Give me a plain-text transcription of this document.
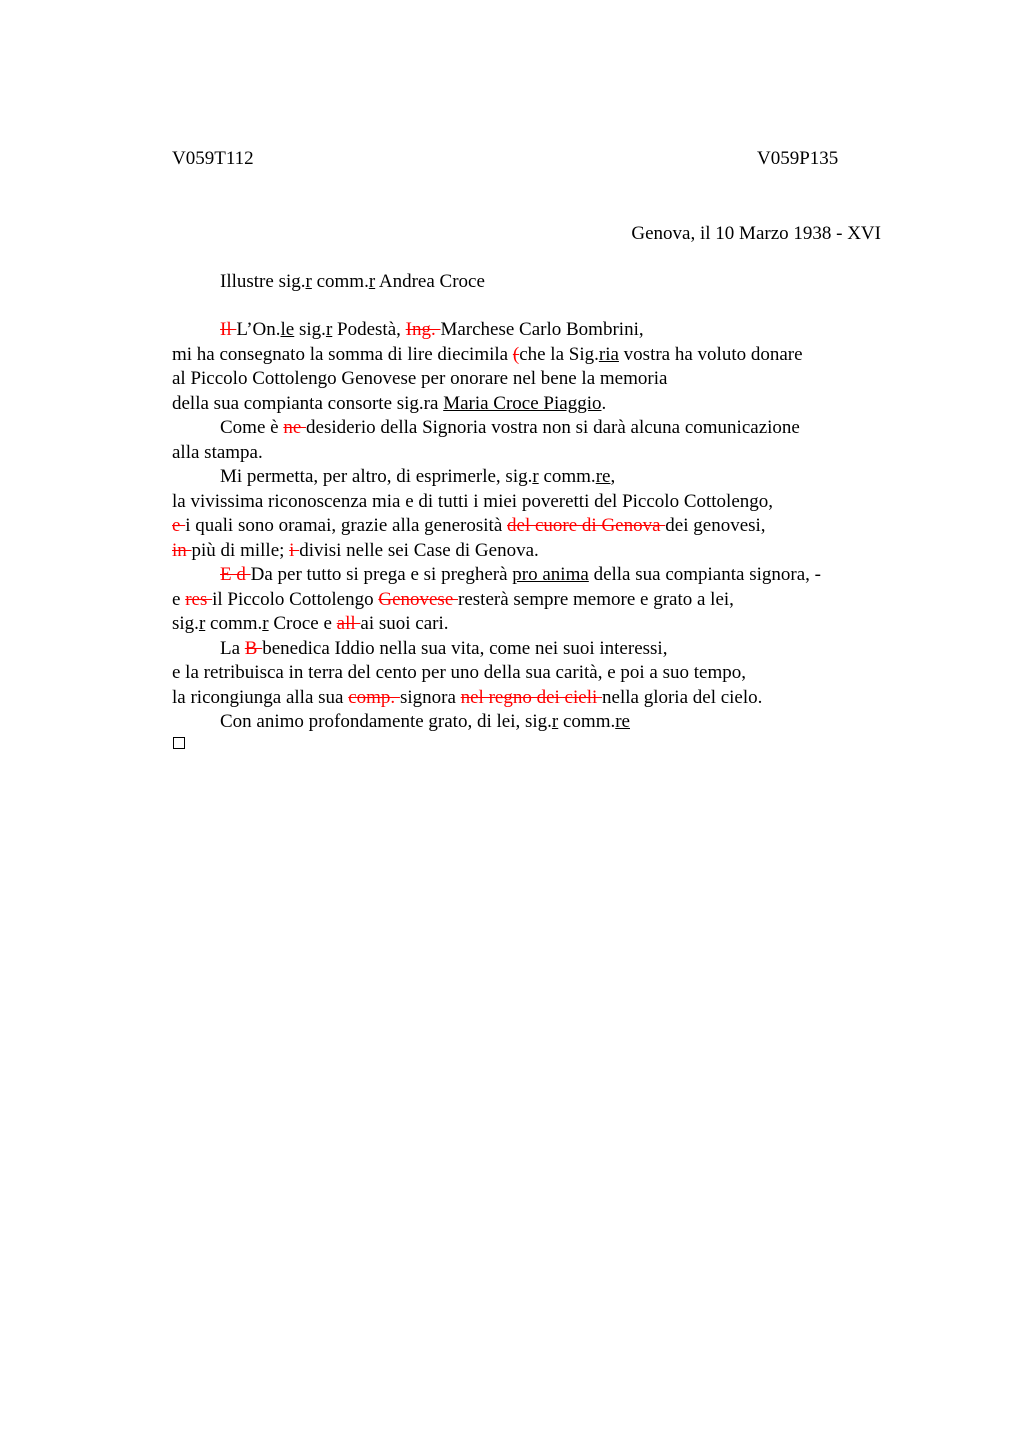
V059T112	V059P135
Genova, il 10 Marzo 1938 - XVI
Illustre sig.r comm.r Andrea Croce
Il L’On.le sig.r Podestà, Ing. Marchese Carlo Bombrini,
mi ha consegnato la somma di lire diecimila (che la Sig.ria vostra ha voluto donare
al Piccolo Cottolengo Genovese per onorare nel bene la memoria
della sua compianta consorte sig.ra Maria Croce Piaggio.
Come è ne desiderio della Signoria vostra non si darà alcuna comunicazione
alla stampa.
Mi permetta, per altro, di esprimerle, sig.r comm.re,
la vivissima riconoscenza mia e di tutti i miei poveretti del Piccolo Cottolengo,
e i quali sono oramai, grazie alla generosità del cuore di Genova dei genovesi,
in più di mille; i divisi nelle sei Case di Genova.
E d Da per tutto si prega e si pregherà pro anima della sua compianta signora, -
e res il Piccolo Cottolengo Genovese resterà sempre memore e grato a lei,
sig.r comm.r Croce e all ai suoi cari.
La B benedica Iddio nella sua vita, come nei suoi interessi,
e la retribuisca in terra del cento per uno della sua carità, e poi a suo tempo,
la ricongiunga alla sua comp. signora nel regno dei cieli nella gloria del cielo.
Con animo profondamente grato, di lei, sig.r comm.re
